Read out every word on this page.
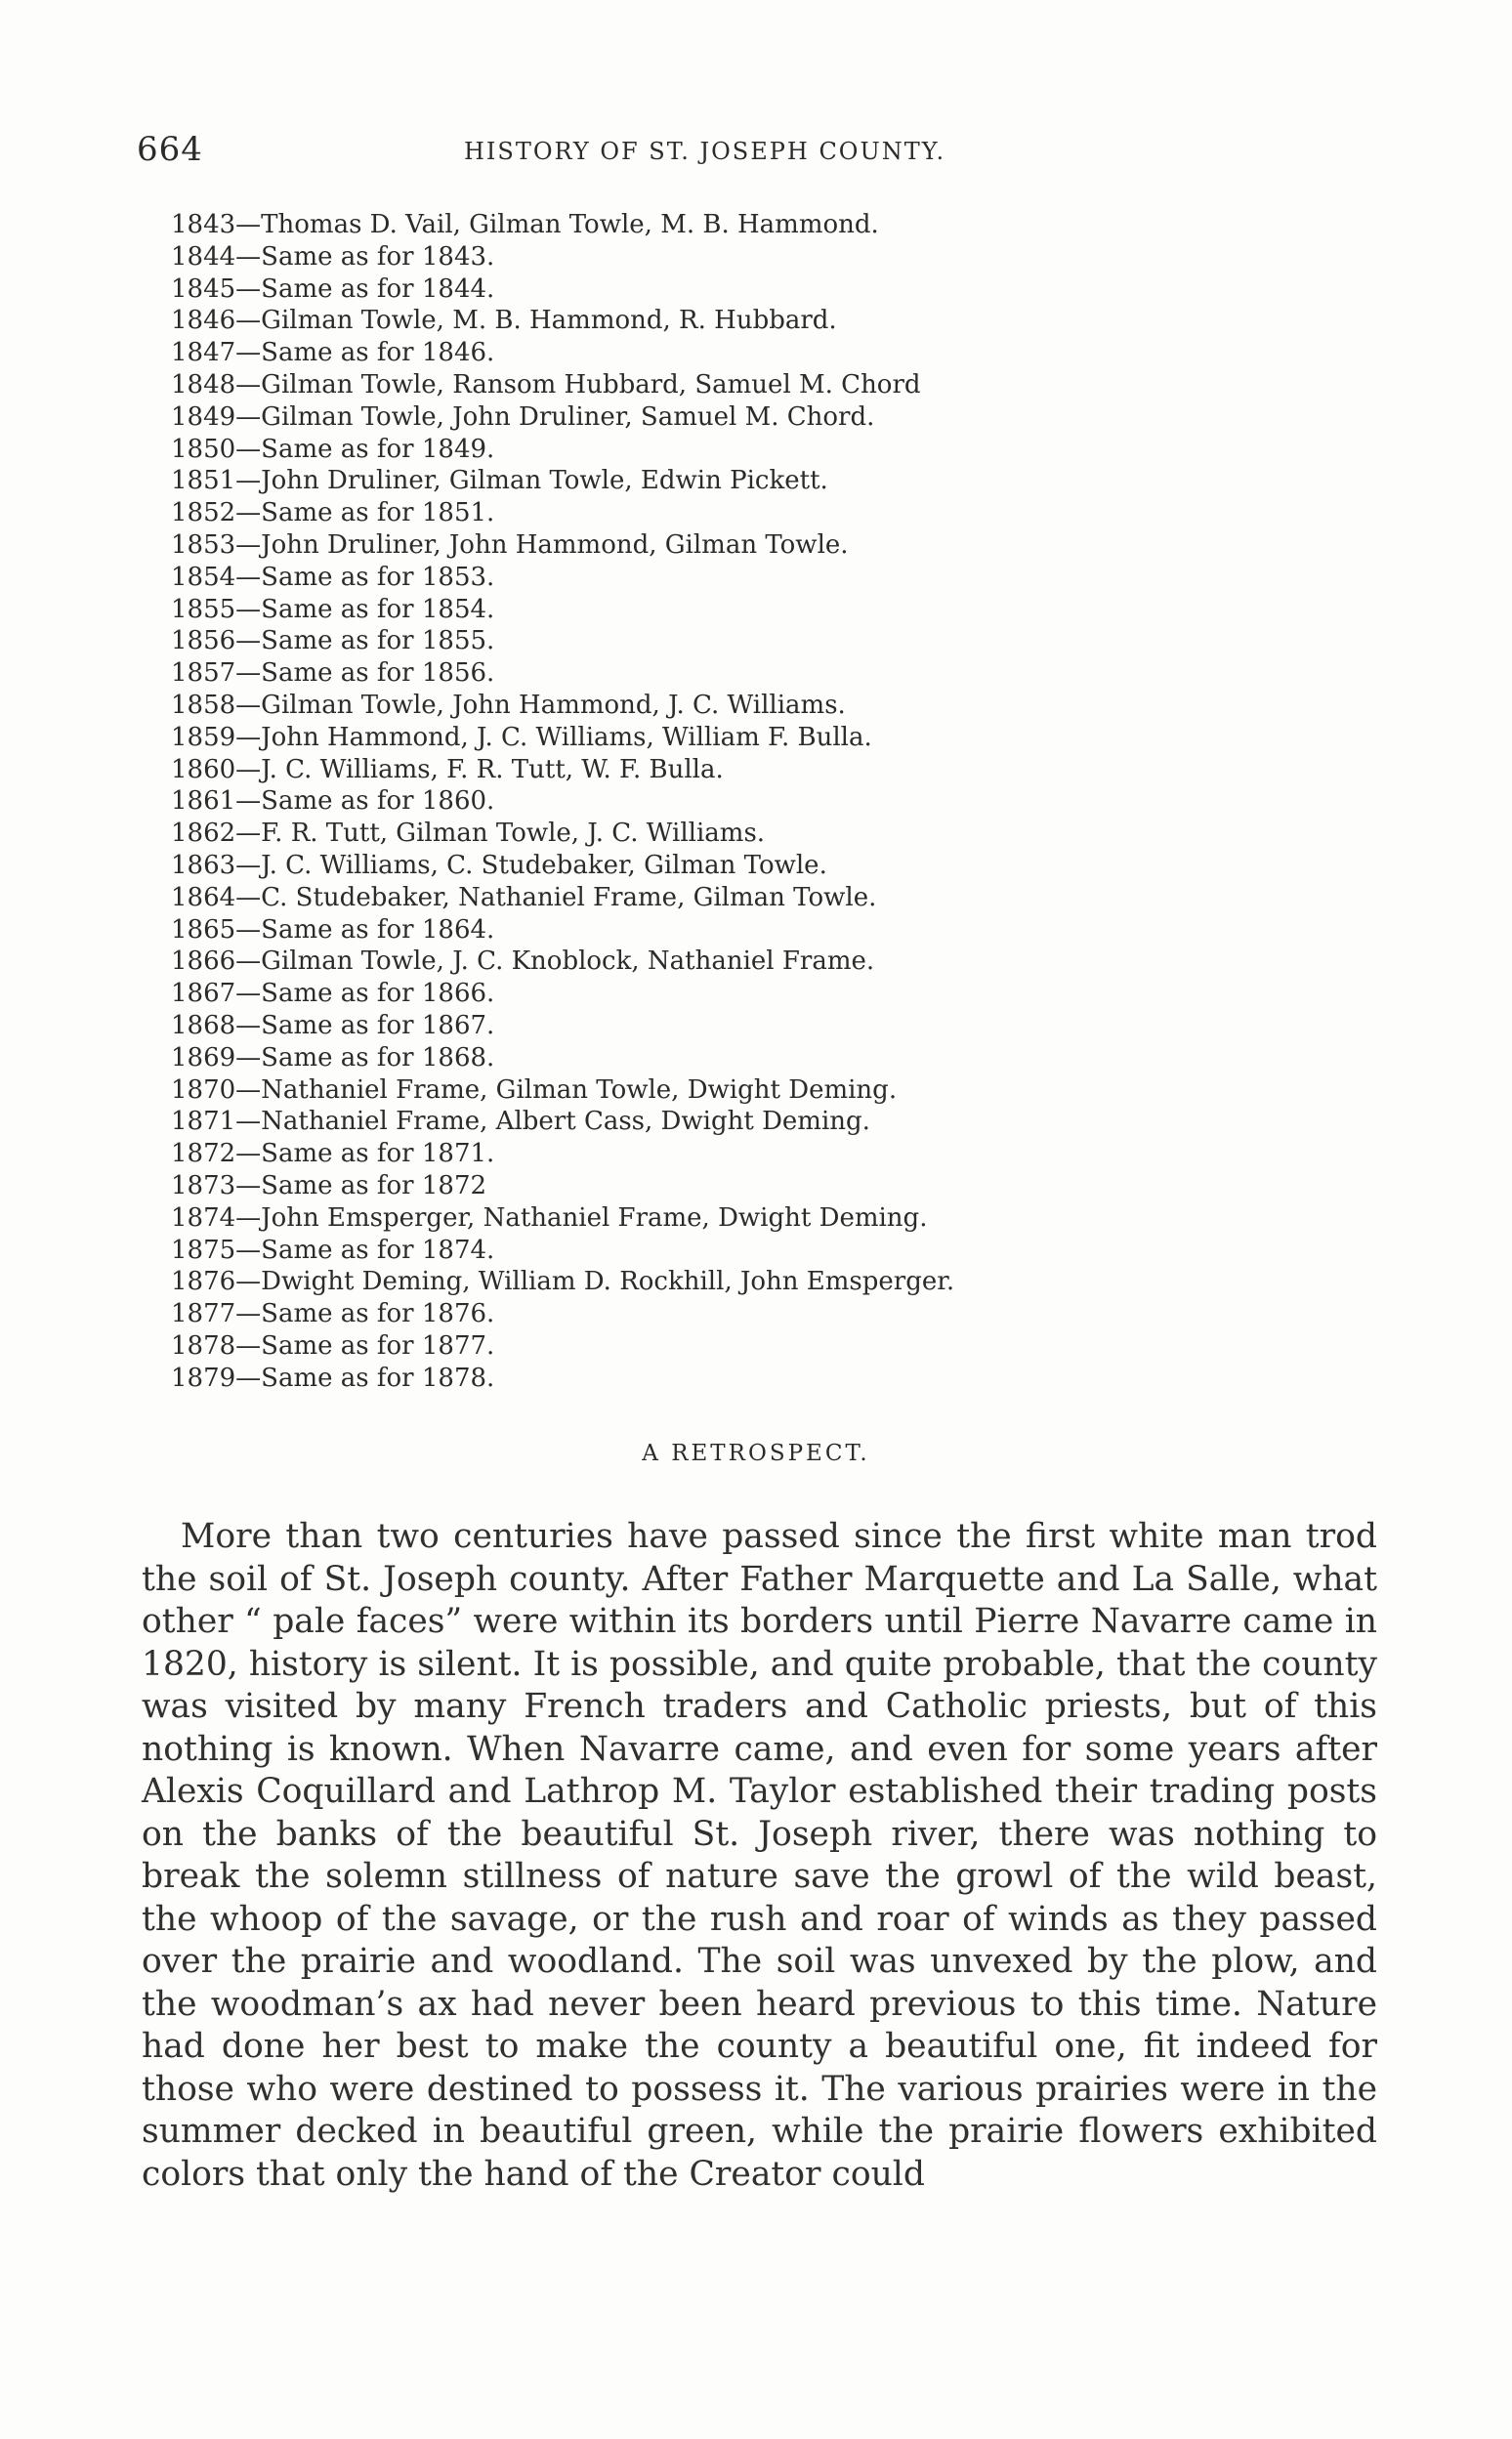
664	HISTORY OF ST. JOSEPH COUNTY.
1843—Thomas D. Vail, Gilman Towle, M. B. Hammond.
1844—Same as for 1843.
1845—Same as for 1844.
1846—Gilman Towle, M. B. Hammond, R. Hubbard.
1847—Same as for 1846.
1848—Gilman Towle, Ransom Hubbard, Samuel M. Chord
1849—Gilman Towle, John Druliner, Samuel M. Chord.
1850—Same as for 1849.
1851—John Druliner, Gilman Towle, Edwin Pickett.
1852—Same as for 1851.
1853—John Druliner, John Hammond, Gilman Towle.
1854—Same as for 1853.
1855—Same as for 1854.
1856—Same as for 1855.
1857—Same as for 1856.
1858—Gilman Towle, John Hammond, J. C. Williams.
1859—John Hammond, J. C. Williams, William F. Bulla.
1860—J. C. Williams, F. R. Tutt, W. F. Bulla.
1861—Same as for 1860.
1862—F. R. Tutt, Gilman Towle, J. C. Williams.
1863—J. C. Williams, C. Studebaker, Gilman Towle.
1864—C. Studebaker, Nathaniel Frame, Gilman Towle.
1865—Same as for 1864.
1866—Gilman Towle, J. C. Knoblock, Nathaniel Frame.
1867—Same as for 1866.
1868—Same as for 1867.
1869—Same as for 1868.
1870—Nathaniel Frame, Gilman Towle, Dwight Deming.
1871—Nathaniel Frame, Albert Cass, Dwight Deming.
1872—Same as for 1871.
1873—Same as for 1872
1874—John Emsperger, Nathaniel Frame, Dwight Deming.
1875—Same as for 1874.
1876—Dwight Deming, William D. Rockhill, John Emsperger.
1877—Same as for 1876.
1878—Same as for 1877.
1879—Same as for 1878.
A RETROSPECT.

More than two centuries have passed since the first white man trod the soil of St. Joseph county. After Father Marquette and La Salle, what other “ pale faces” were within its borders until Pierre Navarre came in 1820, history is silent. It is possible, and quite probable, that the county was visited by many French traders and Catholic priests, but of this nothing is known. When Navarre came, and even for some years after Alexis Coquillard and Lathrop M. Taylor established their trading posts on the banks of the beautiful St. Joseph river, there was nothing to break the solemn stillness of nature save the growl of the wild beast, the whoop of the savage, or the rush and roar of winds as they passed over the prairie and woodland. The soil was unvexed by the plow, and the woodman’s ax had never been heard previous to this time. Nature had done her best to make the county a beautiful one, fit indeed for those who were destined to possess it. The various prairies were in the summer decked in beautiful green, while the prairie flowers exhibited colors that only the hand of the Creator could
